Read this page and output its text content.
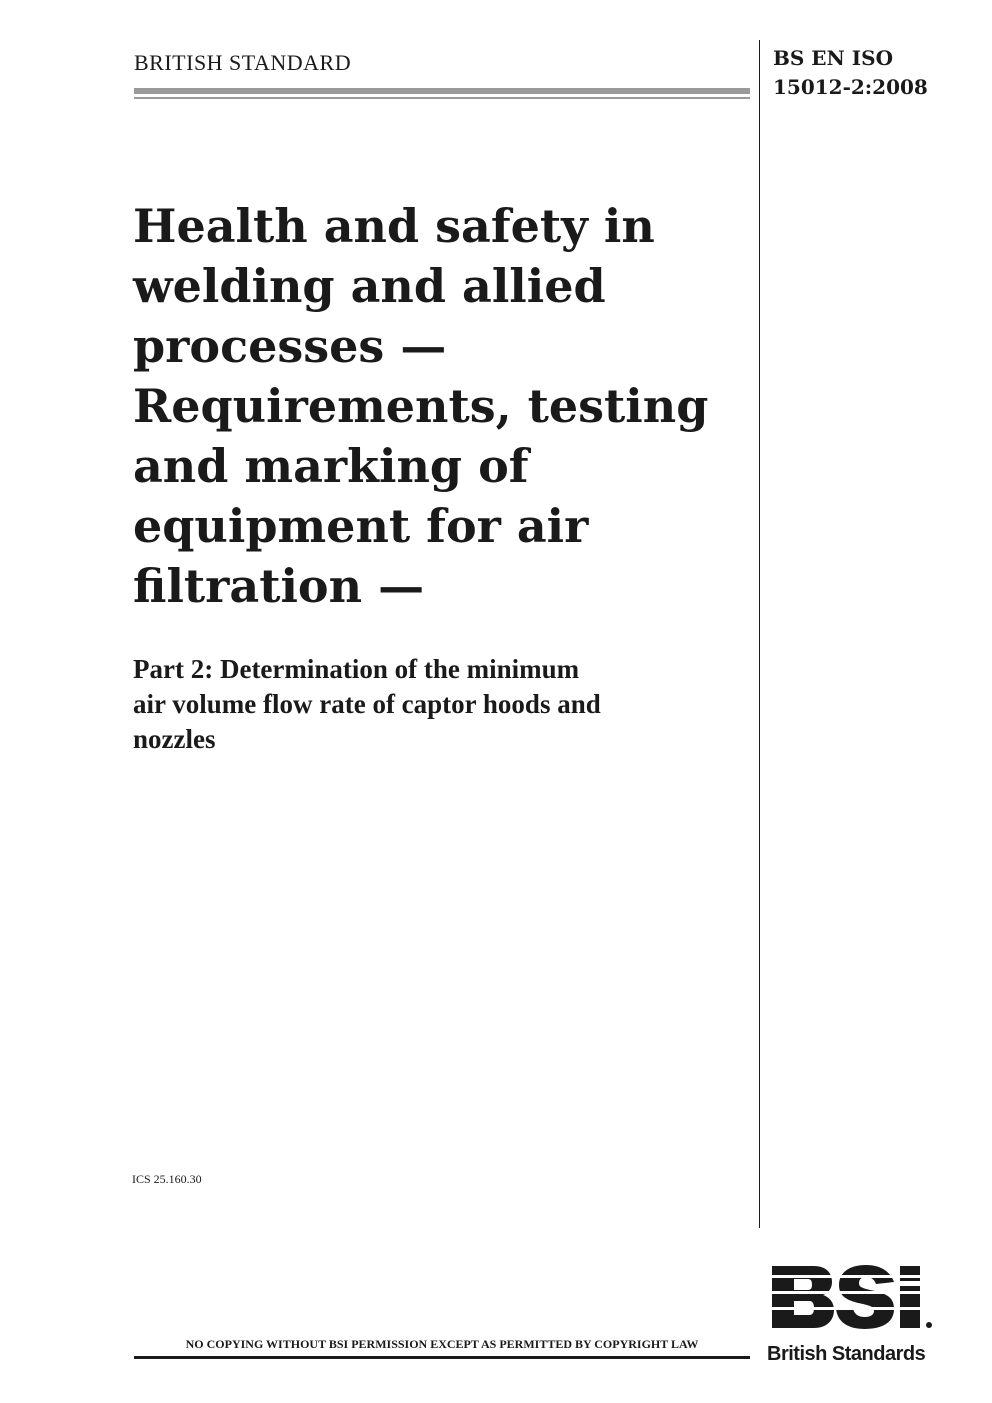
BRITISH STANDARD	BS EN ISO
15012-2:2008
Health and safety in
welding and allied
processes —
Requirements, testing
and marking of
equipment for air
filtration —
Part 2: Determination of the minimum
air volume flow rate of captor hoods and
nozzles
ICS 25.160.30
NO COPYING WITHOUT BSI PERMISSION EXCEPT AS PERMITTED BY COPYRIGHT LAW	British Standards
